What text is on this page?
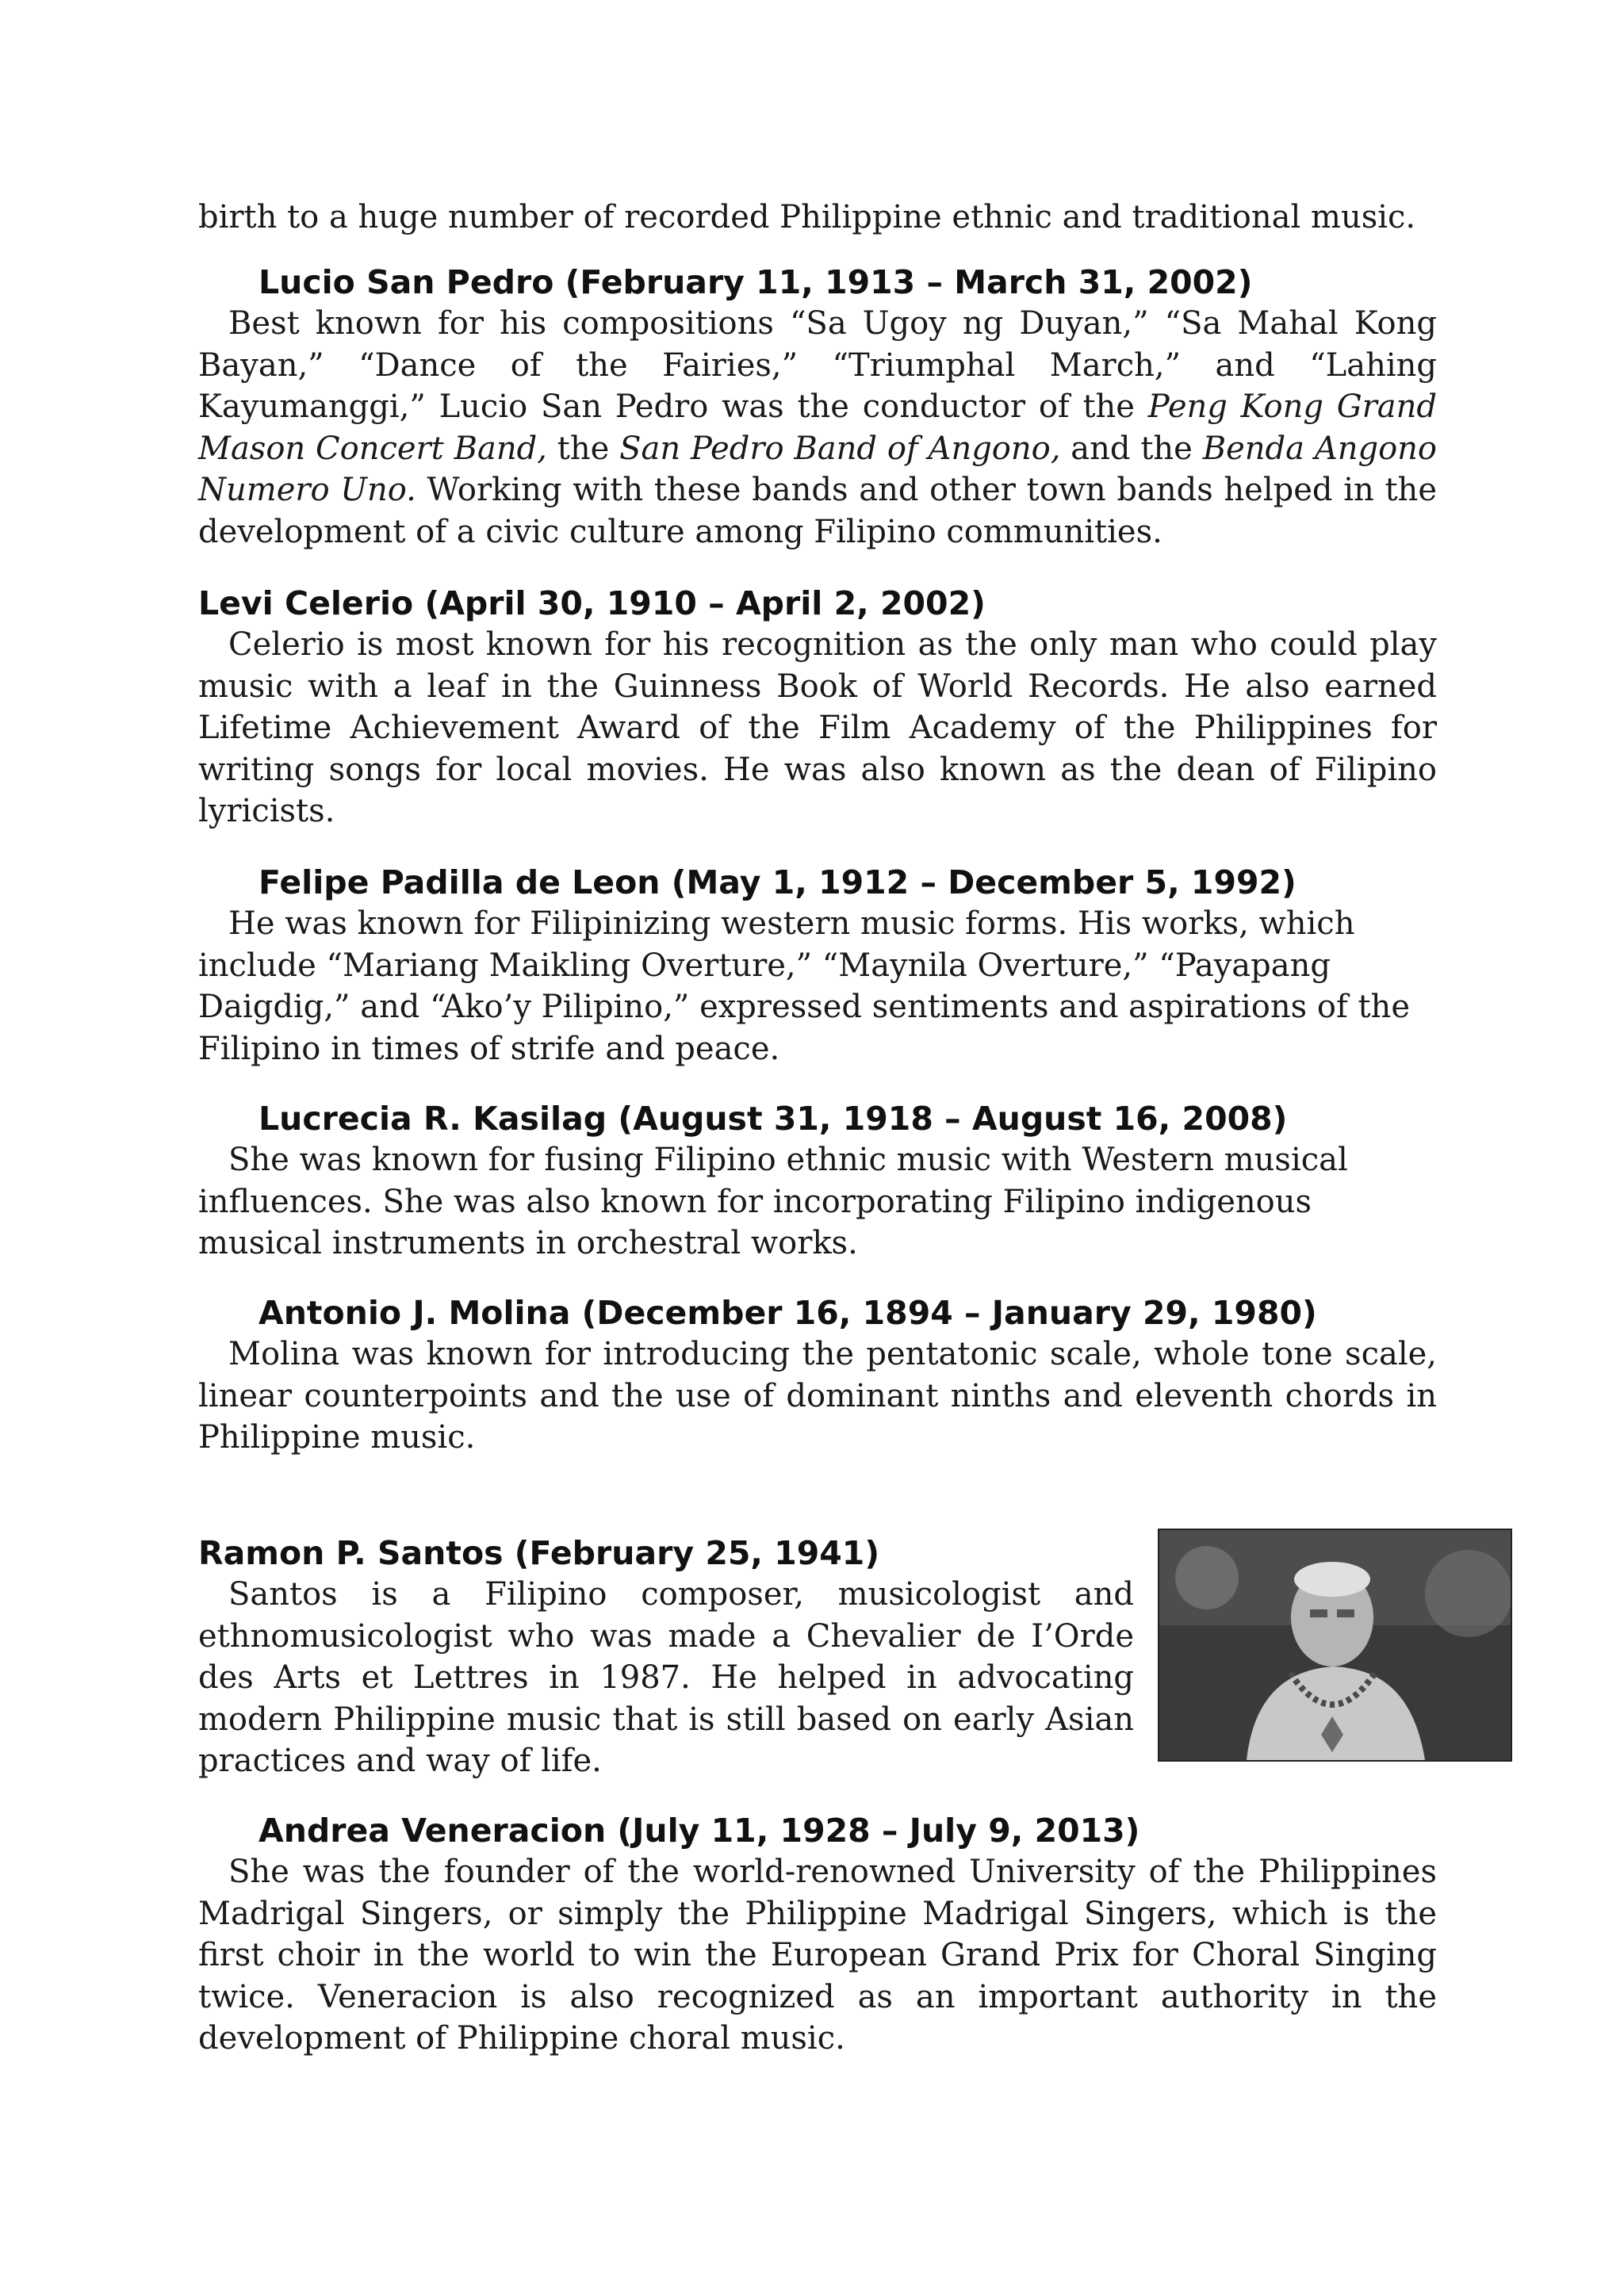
birth to a huge number of recorded Philippine ethnic and traditional music.

Lucio San Pedro (February 11, 1913 – March 31, 2002)

Best known for his compositions “Sa Ugoy ng Duyan,” “Sa Mahal Kong Bayan,” “Dance of the Fairies,” “Triumphal March,” and “Lahing Kayumanggi,” Lucio San Pedro was the conductor of the Peng Kong Grand Mason Concert Band, the San Pedro Band of Angono, and the Benda Angono Numero Uno. Working with these bands and other town bands helped in the development of a civic culture among Filipino communities.

Levi Celerio (April 30, 1910 – April 2, 2002)

Celerio is most known for his recognition as the only man who could play music with a leaf in the Guinness Book of World Records. He also earned Lifetime Achievement Award of the Film Academy of the Philippines for writing songs for local movies. He was also known as the dean of Filipino lyricists.

Felipe Padilla de Leon (May 1, 1912 – December 5, 1992)

He was known for Filipinizing western music forms. His works, which include “Mariang Maikling Overture,” “Maynila Overture,” “Payapang Daigdig,” and “Ako’y Pilipino,” expressed sentiments and aspirations of the Filipino in times of strife and peace.

Lucrecia R. Kasilag (August 31, 1918 – August 16, 2008)

She was known for fusing Filipino ethnic music with Western musical influences. She was also known for incorporating Filipino indigenous musical instruments in orchestral works.

Antonio J. Molina (December 16, 1894 – January 29, 1980)

Molina was known for introducing the pentatonic scale, whole tone scale, linear counterpoints and the use of dominant ninths and eleventh chords in Philippine music.

Ramon P. Santos (February 25, 1941)

Santos is a Filipino composer, musicologist and ethnomusicologist who was made a Chevalier de I’Orde des Arts et Lettres in 1987. He helped in advocating modern Philippine music that is still based on early Asian practices and way of life.

Andrea Veneracion (July 11, 1928 – July 9, 2013)

She was the founder of the world-renowned University of the Philippines Madrigal Singers, or simply the Philippine Madrigal Singers, which is the first choir in the world to win the European Grand Prix for Choral Singing twice. Veneracion is also recognized as an important authority in the development of Philippine choral music.
